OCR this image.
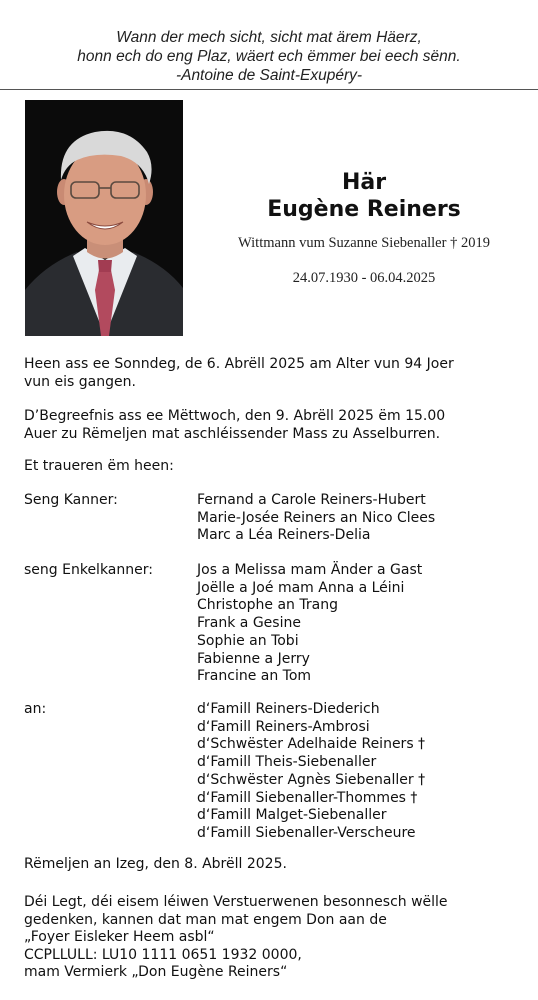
Wann der mech sicht, sicht mat ärem Häerz,
honn ech do eng Plaz, wäert ech ëmmer bei eech sënn.
-Antoine de Saint-Exupéry-
Här
Eugène Reiners
Wittmann vum Suzanne Siebenaller † 2019
24.07.1930 - 06.04.2025
Heen ass ee Sonndeg, de 6. Abrëll 2025 am Alter vun 94 Joer
vun eis gangen.
D’Begreefnis ass ee Mëttwoch, den 9. Abrëll 2025 ëm 15.00
Auer zu Rëmeljen mat aschléissender Mass zu Asselburren.
Et traueren ëm heen:
Seng Kanner:	Fernand a Carole Reiners-Hubert
Marie-Josée Reiners an Nico Clees
Marc a Léa Reiners-Delia
seng Enkelkanner:	Jos a Melissa mam Änder a Gast
Joëlle a Joé mam Anna a Léini
Christophe an Trang
Frank a Gesine
Sophie an Tobi
Fabienne a Jerry
Francine an Tom
an:	d‘Famill Reiners-Diederich
d‘Famill Reiners-Ambrosi
d‘Schwëster Adelhaide Reiners †
d‘Famill Theis-Siebenaller
d‘Schwëster Agnès Siebenaller †
d‘Famill Siebenaller-Thommes †
d‘Famill Malget-Siebenaller
d‘Famill Siebenaller-Verscheure
Rëmeljen an Izeg, den 8. Abrëll 2025.
Déi Legt, déi eisem léiwen Verstuerwenen besonnesch wëlle
gedenken, kannen dat man mat engem Don aan de
„Foyer Eisleker Heem asbl“
CCPLLULL: LU10 1111 0651 1932 0000,
mam Vermierk „Don Eugène Reiners“
